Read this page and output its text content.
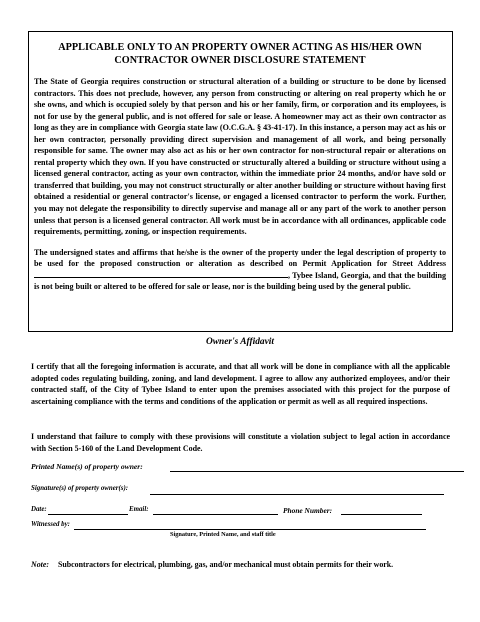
APPLICABLE ONLY TO AN PROPERTY OWNER ACTING AS HIS/HER OWN
CONTRACTOR OWNER DISCLOSURE STATEMENT

The State of Georgia requires construction or structural alteration of a building or structure to be done by licensed contractors. This does not preclude, however, any person from constructing or altering on real property which he or she owns, and which is occupied solely by that person and his or her family, firm, or corporation and its employees, is not for use by the general public, and is not offered for sale or lease. A homeowner may act as their own contractor as long as they are in compliance with Georgia state law (O.C.G.A. § 43-41-17). In this instance, a person may act as his or her own contractor, personally providing direct supervision and management of all work, and being personally responsible for same. The owner may also act as his or her own contractor for non-structural repair or alterations on rental property which they own. If you have constructed or structurally altered a building or structure without using a licensed general contractor, acting as your own contractor, within the immediate prior 24 months, and/or have sold or transferred that building, you may not construct structurally or alter another building or structure without having first obtained a residential or general contractor's license, or engaged a licensed contractor to perform the work. Further, you may not delegate the responsibility to directly supervise and manage all or any part of the work to another person unless that person is a licensed general contractor. All work must be in accordance with all ordinances, applicable code requirements, permitting, zoning, or inspection requirements.

The undersigned states and affirms that he/she is the owner of the property under the legal description of property to be used for the proposed construction or alteration as described on Permit Application for Street Address , Tybee Island, Georgia, and that the building is not being built or altered to be offered for sale or lease, nor is the building being used by the general public.

Owner's Affidavit

I certify that all the foregoing information is accurate, and that all work will be done in compliance with all the applicable adopted codes regulating building, zoning, and land development. I agree to allow any authorized employees, and/or their contracted staff, of the City of Tybee Island to enter upon the premises associated with this project for the purpose of ascertaining compliance with the terms and conditions of the application or permit as well as all required inspections.

I understand that failure to comply with these provisions will constitute a violation subject to legal action in accordance with Section 5-160 of the Land Development Code.

Printed Name(s) of property owner:
Signature(s) of property owner(s):
Date:	Email:	Phone Number:
Witnessed by:
Signature, Printed Name, and staff title
Note: Subcontractors for electrical, plumbing, gas, and/or mechanical must obtain permits for their work.
